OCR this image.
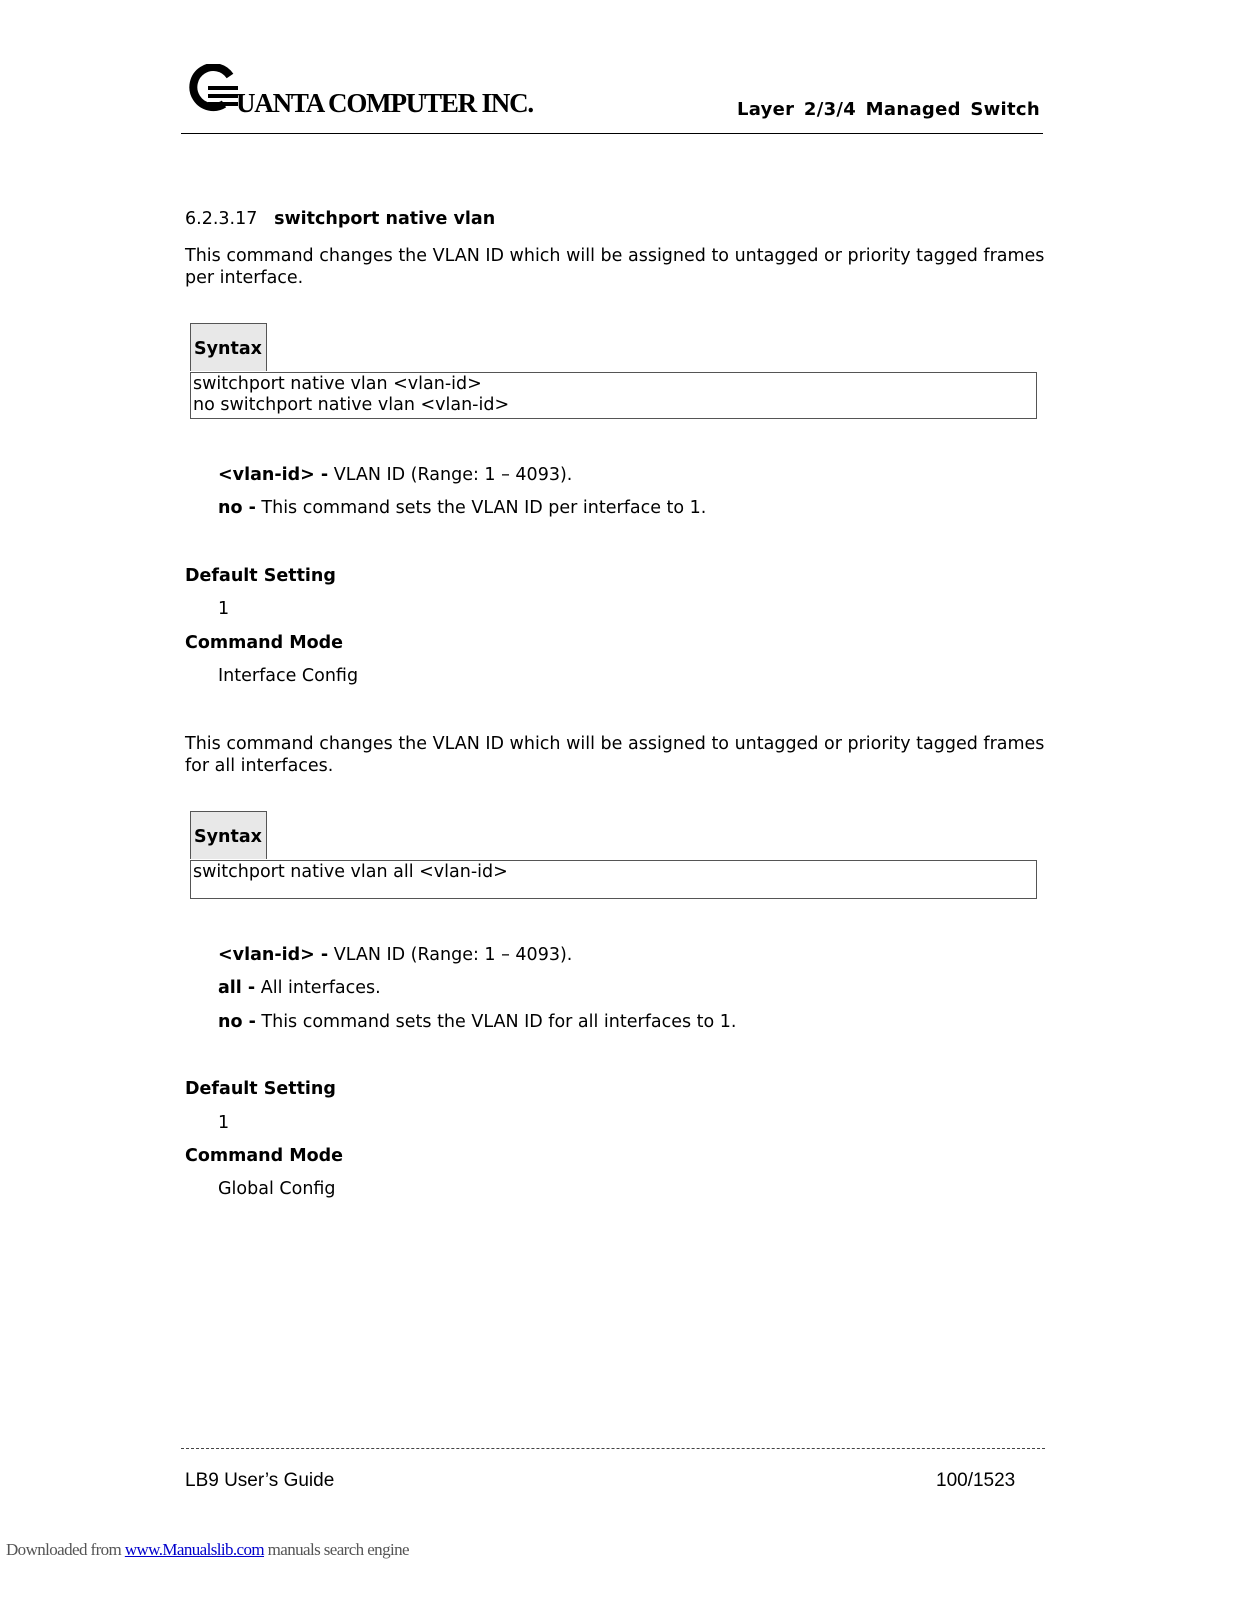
UANTA COMPUTER INC.	Layer 2/3/4 Managed Switch
6.2.3.17 switchport native vlan
This command changes the VLAN ID which will be assigned to untagged or priority tagged frames per interface.
Syntax
switchport native vlan <vlan-id>
no switchport native vlan <vlan-id>
<vlan-id> - VLAN ID (Range: 1 – 4093).
no - This command sets the VLAN ID per interface to 1.
Default Setting
1
Command Mode
Interface Config
This command changes the VLAN ID which will be assigned to untagged or priority tagged frames for all interfaces.
Syntax
switchport native vlan all <vlan-id>
<vlan-id> - VLAN ID (Range: 1 – 4093).
all - All interfaces.
no - This command sets the VLAN ID for all interfaces to 1.
Default Setting
1
Command Mode
Global Config
LB9 User’s Guide	100/1523
Downloaded from www.Manualslib.com manuals search engine
